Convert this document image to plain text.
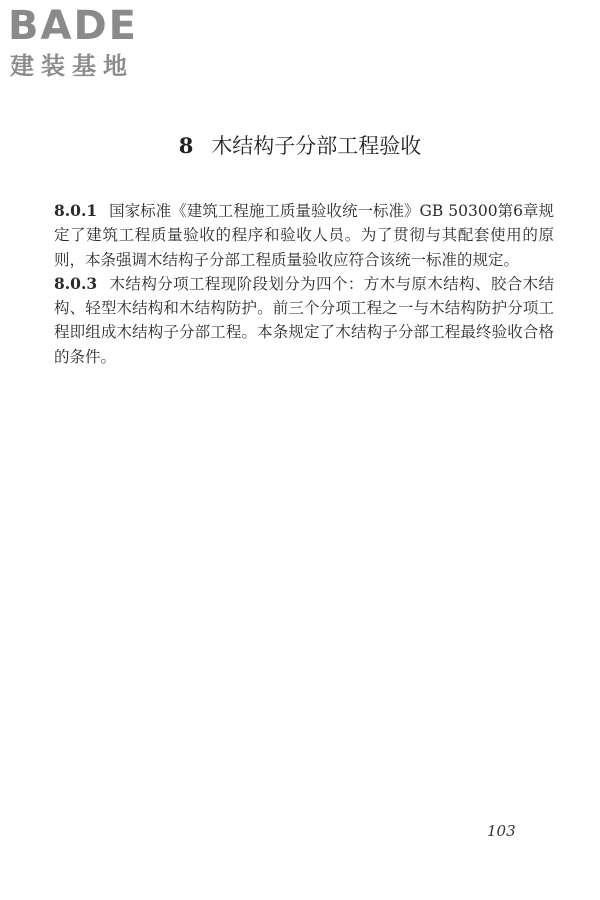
BADE
建装基地
8 木结构子分部工程验收

8.0.1 国家标准《建筑工程施工质量验收统一标准》GB 50300第6章规定了建筑工程质量验收的程序和验收人员。为了贯彻与其配套使用的原则，本条强调木结构子分部工程质量验收应符合该统一标准的规定。

8.0.3 木结构分项工程现阶段划分为四个：方木与原木结构、胶合木结构、轻型木结构和木结构防护。前三个分项工程之一与木结构防护分项工程即组成木结构子分部工程。本条规定了木结构子分部工程最终验收合格的条件。

103
